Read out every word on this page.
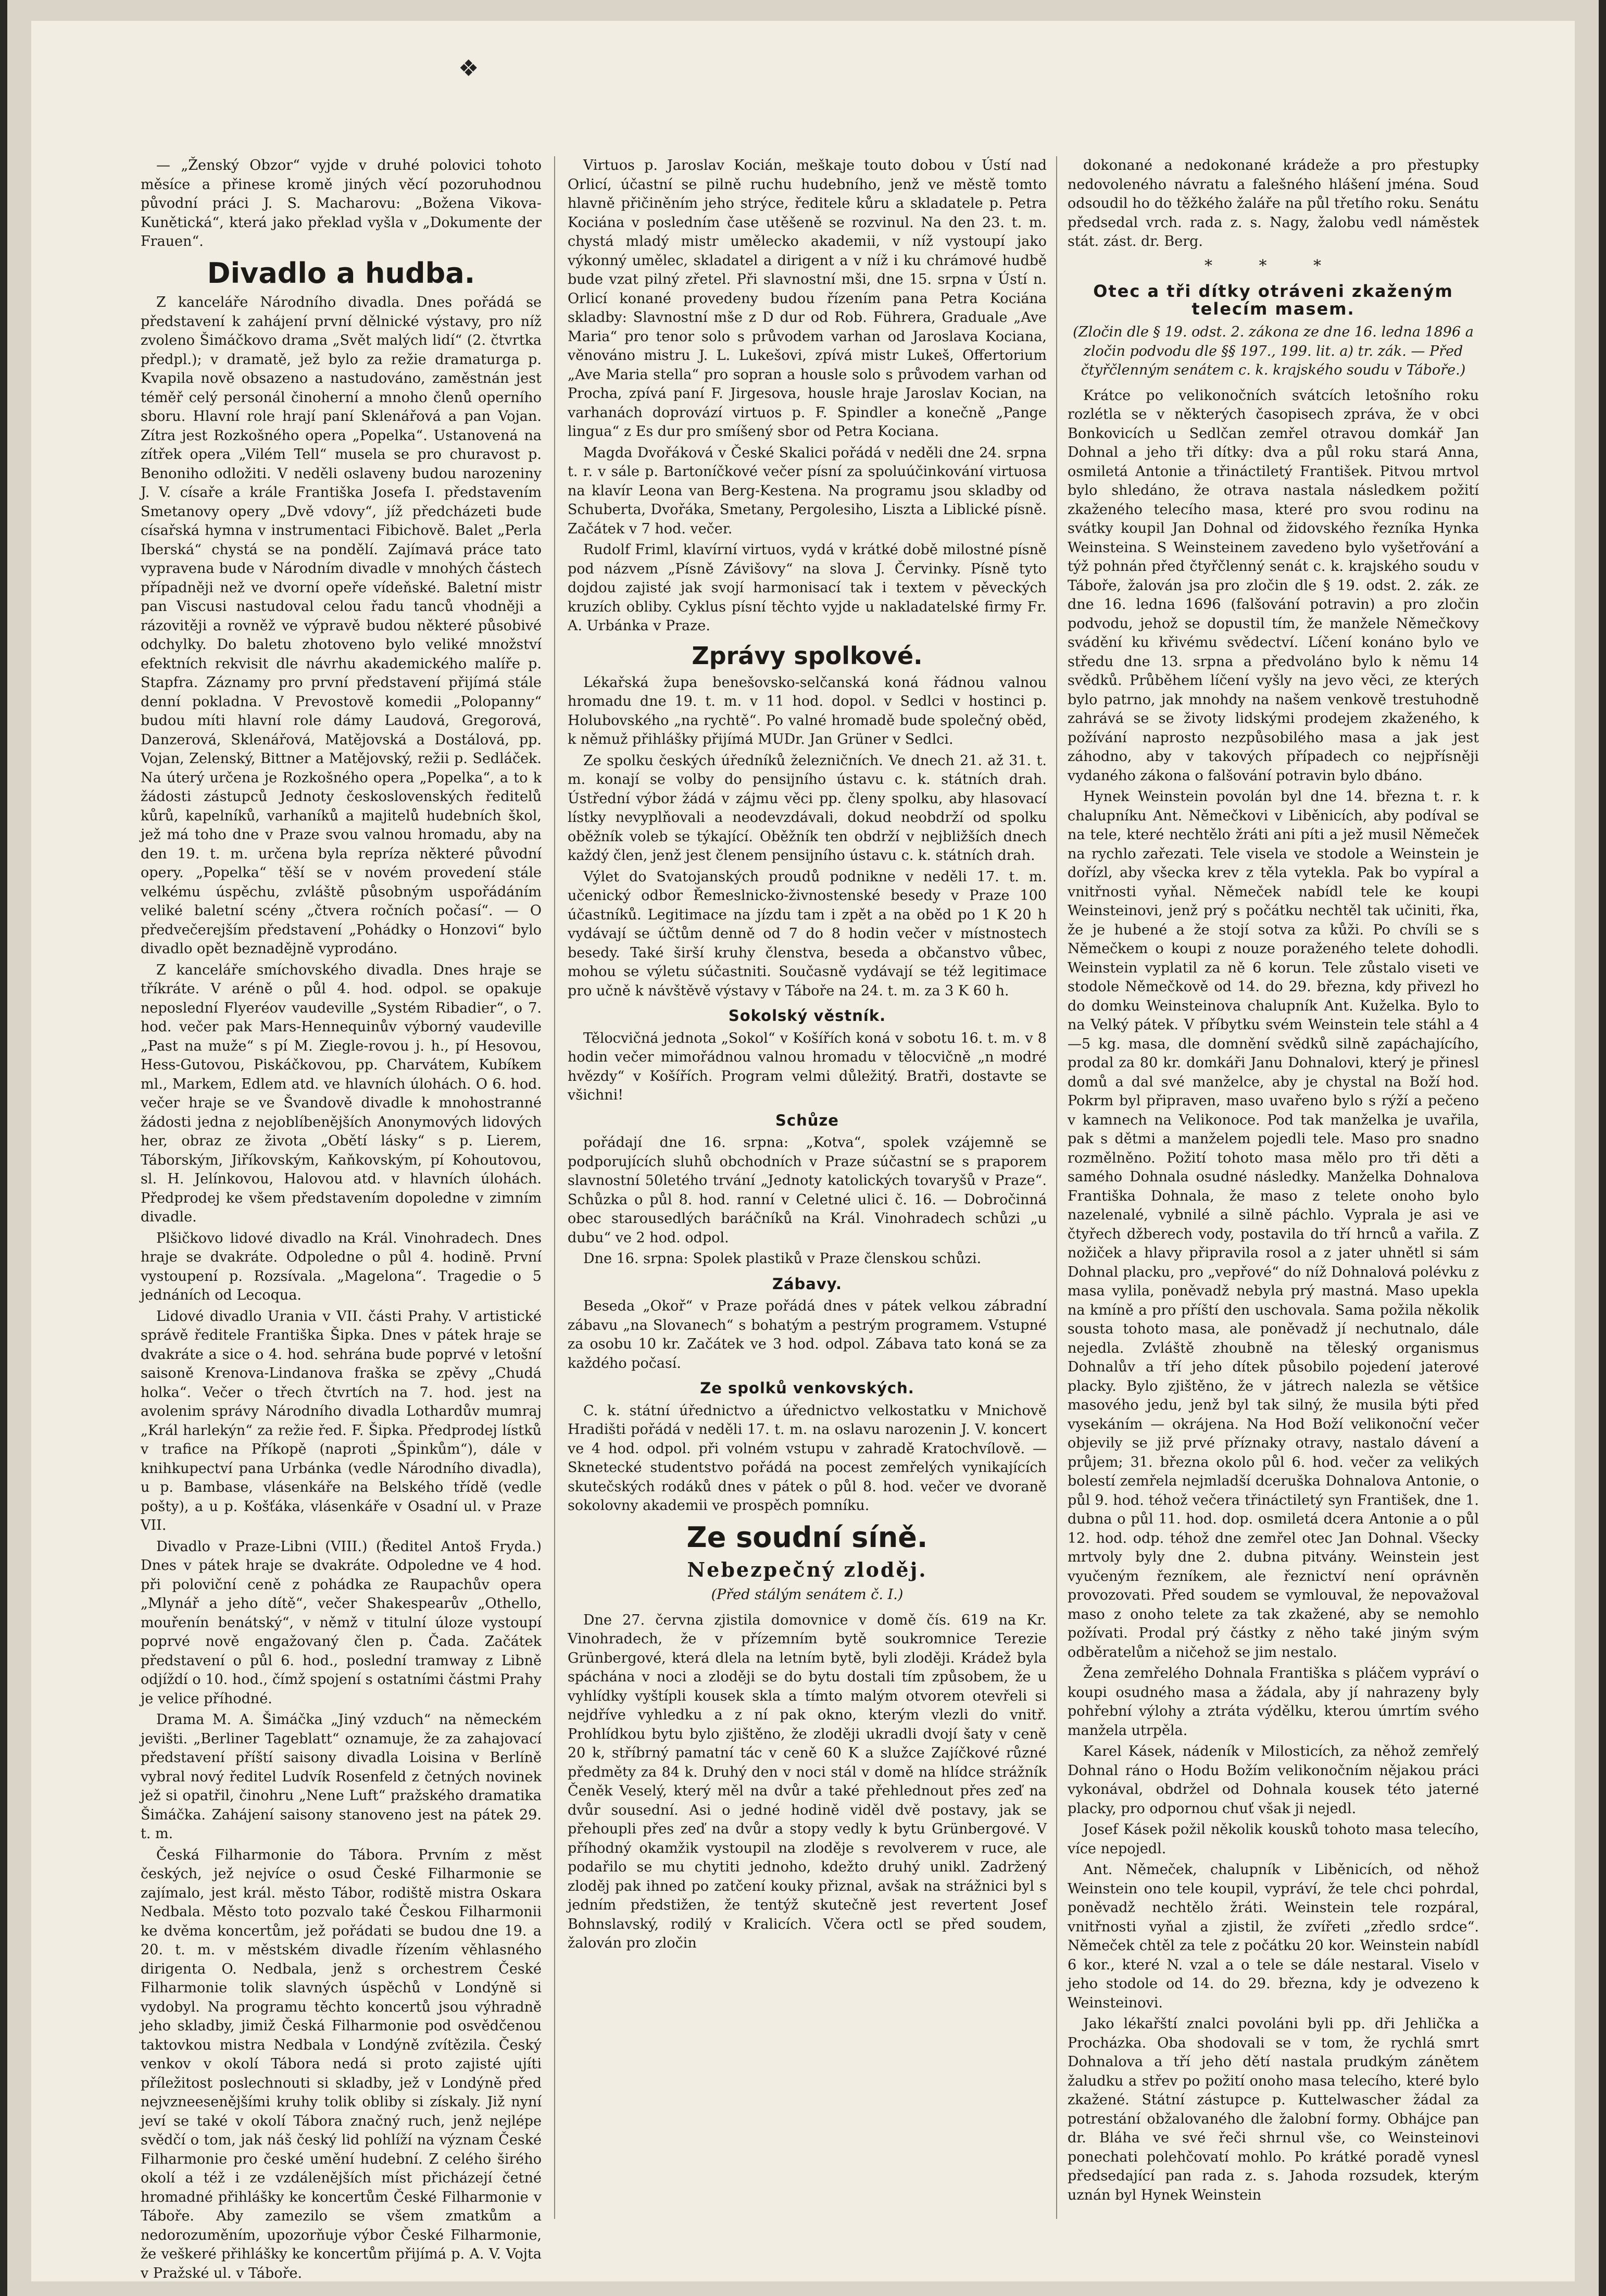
❖

— „Ženský Obzor“ vyjde v druhé polovici tohoto měsíce a přinese kromě jiných věcí pozoruhodnou původní práci J. S. Macharovu: „Božena Vikova-Kunětická“, která jako překlad vyšla v „Dokumente der Frauen“.

Divadlo a hudba.

Z kanceláře Národního divadla. Dnes pořádá se představení k zahájení první dělnické výstavy, pro níž zvoleno Šimáčkovo drama „Svět malých lidí“ (2. čtvrtka předpl.); v dramatě, jež bylo za režie dramaturga p. Kvapila nově obsazeno a nastudováno, zaměstnán jest téměř celý personál činoherní a mnoho členů operního sboru. Hlavní role hrají paní Sklenářová a pan Vojan. Zítra jest Rozkošného opera „Popelka“. Ustanovená na zítřek opera „Vilém Tell“ musela se pro churavost p. Benoniho odložiti. V neděli oslaveny budou narozeniny J. V. císaře a krále Františka Josefa I. představením Smetanovy opery „Dvě vdovy“, jíž předcházeti bude císařská hymna v instrumentaci Fibichově. Balet „Perla Iberská“ chystá se na pondělí. Zajímavá práce tato vypravena bude v Národním divadle v mnohých částech případněji než ve dvorní opeře vídeňské. Baletní mistr pan Viscusi nastudoval celou řadu tanců vhodněji a rázovitěji a rovněž ve výpravě budou některé působivé odchylky. Do baletu zhotoveno bylo veliké množství efektních rekvisit dle návrhu akademického malíře p. Stapfra. Záznamy pro první představení přijímá stále denní pokladna. V Prevostově komedii „Polopanny“ budou míti hlavní role dámy Laudová, Gregorová, Danzerová, Sklenářová, Matějovská a Dostálová, pp. Vojan, Zelenský, Bittner a Matějovský, režii p. Sedláček. Na úterý určena je Rozkošného opera „Popelka“, a to k žádosti zástupců Jednoty československých ředitelů kůrů, kapelníků, varhaníků a majitelů hudebních škol, jež má toho dne v Praze svou valnou hromadu, aby na den 19. t. m. určena byla repríza některé původní opery. „Popelka“ těší se v novém provedení stále velkému úspěchu, zvláště působným uspořádáním veliké baletní scény „čtvera ročních počasí“. — O předvečerejším představení „Pohádky o Honzovi“ bylo divadlo opět beznadějně vyprodáno.

Z kanceláře smíchovského divadla. Dnes hraje se tříkráte. V aréně o půl 4. hod. odpol. se opakuje neposlední Flyeréov vaudeville „Systém Ribadier“, o 7. hod. večer pak Mars-Hennequinův výborný vaudeville „Past na muže“ s pí M. Ziegle-rovou j. h., pí Hesovou, Hess-Gutovou, Piskáčkovou, pp. Charvátem, Kubíkem ml., Markem, Edlem atd. ve hlavních úlohách. O 6. hod. večer hraje se ve Švandově divadle k mnohostranné žádosti jedna z nejoblíbenějších Anonymových lidových her, obraz ze života „Obětí lásky“ s p. Lierem, Táborským, Jiříkovským, Kaňkovským, pí Kohoutovou, sl. H. Jelínkovou, Halovou atd. v hlavních úlohách. Předprodej ke všem představením dopoledne v zimním divadle.

Plšičkovo lidové divadlo na Král. Vinohradech. Dnes hraje se dvakráte. Odpoledne o půl 4. hodině. První vystoupení p. Rozsívala. „Magelona“. Tragedie o 5 jednáních od Lecoqua.

Lidové divadlo Urania v VII. části Prahy. V artistické správě ředitele Františka Šipka. Dnes v pátek hraje se dvakráte a sice o 4. hod. sehrána bude poprvé v letošní saisoně Krenova-Lindanova fraška se zpěvy „Chudá holka“. Večer o třech čtvrtích na 7. hod. jest na avolenim správy Národního divadla Lothardův mumraj „Král harlekýn“ za režie řed. F. Šipka. Předprodej lístků v trafice na Příkopě (naproti „Špinkům“), dále v knihkupectví pana Urbánka (vedle Národního divadla), u p. Bambase, vlásenkáře na Belského třídě (vedle pošty), a u p. Košťáka, vlásenkáře v Osadní ul. v Praze VII.

Divadlo v Praze-Libni (VIII.) (Ředitel Antoš Fryda.) Dnes v pátek hraje se dvakráte. Odpoledne ve 4 hod. při poloviční ceně z pohádka ze Raupachův opera „Mlynář a jeho dítě“, večer Shakespearův „Othello, mouřenín benátský“, v němž v titulní úloze vystoupí poprvé nově engažovaný člen p. Čada. Začátek představení o půl 6. hod., poslední tramway z Libně odjíždí o 10. hod., čímž spojení s ostatními částmi Prahy je velice příhodné.

Drama M. A. Šimáčka „Jiný vzduch“ na německém jevišti. „Berliner Tageblatt“ oznamuje, že za zahajovací představení příští saisony divadla Loisina v Berlíně vybral nový ředitel Ludvík Rosenfeld z četných novinek jež si opatřil, činohru „Nene Luft“ pražského dramatika Šimáčka. Zahájení saisony stanoveno jest na pátek 29. t. m.

Česká Filharmonie do Tábora. Prvním z měst českých, jež nejvíce o osud České Filharmonie se zajímalo, jest král. město Tábor, rodiště mistra Oskara Nedbala. Město toto pozvalo také Českou Filharmonii ke dvěma koncertům, jež pořádati se budou dne 19. a 20. t. m. v městském divadle řízením věhlasného dirigenta O. Nedbala, jenž s orchestrem České Filharmonie tolik slavných úspěchů v Londýně si vydobyl. Na programu těchto koncertů jsou výhradně jeho skladby, jimiž Česká Filharmonie pod osvědčenou taktovkou mistra Nedbala v Londýně zvítězila. Český venkov v okolí Tábora nedá si proto zajisté ujíti příležitost poslechnouti si skladby, jež v Londýně před nejvzneesenějšími kruhy tolik obliby si získaly. Již nyní jeví se také v okolí Tábora značný ruch, jenž nejlépe svědčí o tom, jak náš český lid pohlíží na význam České Filharmonie pro české umění hudební. Z celého širého okolí a též i ze vzdálenějších míst přicházejí četné hromadné přihlášky ke koncertům České Filharmonie v Táboře. Aby zamezilo se všem zmatkům a nedorozuměním, upozorňuje výbor České Filharmonie, že veškeré přihlášky ke koncertům přijímá p. A. V. Vojta v Pražské ul. v Táboře.

Virtuos p. Jaroslav Kocián, meškaje touto dobou v Ústí nad Orlicí, účastní se pilně ruchu hudebního, jenž ve městě tomto hlavně přičiněním jeho strýce, ředitele kůru a skladatele p. Petra Kociána v posledním čase utěšeně se rozvinul. Na den 23. t. m. chystá mladý mistr umělecko akademii, v níž vystoupí jako výkonný umělec, skladatel a dirigent a v níž i ku chrámové hudbě bude vzat pilný zřetel. Při slavnostní mši, dne 15. srpna v Ústí n. Orlicí konané provedeny budou řízením pana Petra Kociána skladby: Slavnostní mše z D dur od Rob. Führera, Graduale „Ave Maria“ pro tenor solo s průvodem varhan od Jaroslava Kociana, věnováno mistru J. L. Lukešovi, zpívá mistr Lukeš, Offertorium „Ave Maria stella“ pro sopran a housle solo s průvodem varhan od Procha, zpívá paní F. Jirgesova, housle hraje Jaroslav Kocian, na varhanách doprovází virtuos p. F. Spindler a konečně „Pange lingua“ z Es dur pro smíšený sbor od Petra Kociana.

Magda Dvořáková v České Skalici pořádá v neděli dne 24. srpna t. r. v sále p. Bartoníčkové večer písní za spoluúčinkování virtuosa na klavír Leona van Berg-Kestena. Na programu jsou skladby od Schuberta, Dvořáka, Smetany, Pergolesiho, Liszta a Liblické písně. Začátek v 7 hod. večer.

Rudolf Friml, klavírní virtuos, vydá v krátké době milostné písně pod názvem „Písně Závišovy“ na slova J. Červinky. Písně tyto dojdou zajisté jak svojí harmonisací tak i textem v pěveckých kruzích obliby. Cyklus písní těchto vyjde u nakladatelské firmy Fr. A. Urbánka v Praze.

Zprávy spolkové.

Lékařská župa benešovsko-selčanská koná řádnou valnou hromadu dne 19. t. m. v 11 hod. dopol. v Sedlci v hostinci p. Holubovského „na rychtě“. Po valné hromadě bude společný oběd, k němuž přihlášky přijímá MUDr. Jan Grüner v Sedlci.

Ze spolku českých úředníků železničních. Ve dnech 21. až 31. t. m. konají se volby do pensijního ústavu c. k. státních drah. Ústřední výbor žádá v zájmu věci pp. členy spolku, aby hlasovací lístky nevyplňovali a neodevzdávali, dokud neobdrží od spolku oběžník voleb se týkající. Oběžník ten obdrží v nejbližších dnech každý člen, jenž jest členem pensijního ústavu c. k. státních drah.

Výlet do Svatojanských proudů podnikne v neděli 17. t. m. učenický odbor Řemeslnicko-živnostenské besedy v Praze 100 účastníků. Legitimace na jízdu tam i zpět a na oběd po 1 K 20 h vydávají se účtům denně od 7 do 8 hodin večer v místnostech besedy. Také širší kruhy členstva, beseda a občanstvo vůbec, mohou se výletu súčastniti. Současně vydávají se též legitimace pro učně k návštěvě výstavy v Táboře na 24. t. m. za 3 K 60 h.

Sokolský věstník.

Tělocvičná jednota „Sokol“ v Košířích koná v sobotu 16. t. m. v 8 hodin večer mimořádnou valnou hromadu v tělocvičně „n modré hvězdy“ v Košířích. Program velmi důležitý. Bratři, dostavte se všichni!

Schůze

pořádají dne 16. srpna: „Kotva“, spolek vzájemně se podporujících sluhů obchodních v Praze súčastní se s praporem slavnostní 50letého trvání „Jednoty katolických tovaryšů v Praze“. Schůzka o půl 8. hod. ranní v Celetné ulici č. 16. — Dobročinná obec starousedlých baráčníků na Král. Vinohradech schůzi „u dubu“ ve 2 hod. odpol.

Dne 16. srpna: Spolek plastiků v Praze členskou schůzi.

Zábavy.

Beseda „Okoř“ v Praze pořádá dnes v pátek velkou zábradní zábavu „na Slovanech“ s bohatým a pestrým programem. Vstupné za osobu 10 kr. Začátek ve 3 hod. odpol. Zábava tato koná se za každého počasí.

Ze spolků venkovských.

C. k. státní úřednictvo a úřednictvo velkostatku v Mnichově Hradišti pořádá v neděli 17. t. m. na oslavu narozenin J. V. koncert ve 4 hod. odpol. při volném vstupu v zahradě Kratochvílově. — Sknetecké studentstvo pořádá na pocest zemřelých vynikajících skutečských rodáků dnes v pátek o půl 8. hod. večer ve dvoraně sokolovny akademii ve prospěch pomníku.

Ze soudní síně.
Nebezpečný zloděj.
(Před stálým senátem č. I.)

Dne 27. června zjistila domovnice v domě čís. 619 na Kr. Vinohradech, že v přízemním bytě soukromnice Terezie Grünbergové, která dlela na letním bytě, byli zloději. Krádež byla spáchána v noci a zloději se do bytu dostali tím způsobem, že u vyhlídky vyštípli kousek skla a tímto malým otvorem otevřeli si nejdříve vyhledku a z ní pak okno, kterým vlezli do vnitř. Prohlídkou bytu bylo zjištěno, že zloději ukradli dvojí šaty v ceně 20 k, stříbrný pamatní tác v ceně 60 K a služce Zajíčkové různé předměty za 84 k. Druhý den v noci stál v domě na hlídce strážník Čeněk Veselý, který měl na dvůr a také přehlednout přes zeď na dvůr sousední. Asi o jedné hodině viděl dvě postavy, jak se přehoupli přes zeď na dvůr a stopy vedly k bytu Grünbergové. V příhodný okamžik vystoupil na zloděje s revolverem v ruce, ale podařilo se mu chytiti jednoho, kdežto druhý unikl. Zadržený zloděj pak ihned po zatčení kouky přiznal, avšak na strážnici byl s jedním předstižen, že tentýž skutečně jest revertent Josef Bohnslavský, rodilý v Kralicích. Včera octl se před soudem, žalován pro zločin

dokonané a nedokonané krádeže a pro přestupky nedovoleného návratu a falešného hlášení jména. Soud odsoudil ho do těžkého žaláře na půl třetího roku. Senátu předsedal vrch. rada z. s. Nagy, žalobu vedl náměstek stát. zást. dr. Berg.

* * *
Otec a tři dítky otráveni zkaženým telecím masem.
(Zločin dle § 19. odst. 2. zákona ze dne 16. ledna 1896 a zločin podvodu dle §§ 197., 199. lit. a) tr. zák. — Před čtyřčlenným senátem c. k. krajského soudu v Táboře.)

Krátce po velikonočních svátcích letošního roku rozlétla se v některých časopisech zpráva, že v obci Bonkovicích u Sedlčan zemřel otravou domkář Jan Dohnal a jeho tři dítky: dva a půl roku stará Anna, osmiletá Antonie a třináctiletý František. Pitvou mrtvol bylo shledáno, že otrava nastala následkem požití zkaženého telecího masa, které pro svou rodinu na svátky koupil Jan Dohnal od židovského řezníka Hynka Weinsteina. S Weinsteinem zavedeno bylo vyšetřování a týž pohnán před čtyřčlenný senát c. k. krajského soudu v Táboře, žalován jsa pro zločin dle § 19. odst. 2. zák. ze dne 16. ledna 1696 (falšování potravin) a pro zločin podvodu, jehož se dopustil tím, že manžele Němečkovy svádění ku křivému svědectví. Líčení konáno bylo ve středu dne 13. srpna a předvoláno bylo k němu 14 svědků. Průběhem líčení vyšly na jevo věci, ze kterých bylo patrno, jak mnohdy na našem venkově trestuhodně zahrává se se životy lidskými prodejem zkaženého, k požívání naprosto nezpůsobilého masa a jak jest záhodno, aby v takových případech co nejpřísněji vydaného zákona o falšování potravin bylo dbáno.

Hynek Weinstein povolán byl dne 14. března t. r. k chalupníku Ant. Němečkovi v Liběnicích, aby podíval se na tele, které nechtělo žráti ani píti a jež musil Němeček na rychlo zařezati. Tele visela ve stodole a Weinstein je dořízl, aby všecka krev z těla vytekla. Pak bo vypíral a vnitřnosti vyňal. Němeček nabídl tele ke koupi Weinsteinovi, jenž prý s počátku nechtěl tak učiniti, řka, že je hubené a že stojí sotva za kůži. Po chvíli se s Němečkem o koupi z nouze poraženého telete dohodli. Weinstein vyplatil za ně 6 korun. Tele zůstalo viseti ve stodole Němečkově od 14. do 29. března, kdy přivezl ho do domku Weinsteinova chalupník Ant. Kuželka. Bylo to na Velký pátek. V příbytku svém Weinstein tele stáhl a 4—5 kg. masa, dle domnění svědků silně zapáchajícího, prodal za 80 kr. domkáři Janu Dohnalovi, který je přinesl domů a dal své manželce, aby je chystal na Boží hod. Pokrm byl připraven, maso uvařeno bylo s rýží a pečeno v kamnech na Velikonoce. Pod tak manželka je uvařila, pak s dětmi a manželem pojedli tele. Maso pro snadno rozmělněno. Požití tohoto masa mělo pro tři děti a samého Dohnala osudné následky. Manželka Dohnalova Františka Dohnala, že maso z telete onoho bylo nazelenalé, vybnilé a silně páchlo. Vyprala je asi ve čtyřech džberech vody, postavila do tří hrnců a vařila. Z nožiček a hlavy připravila rosol a z jater uhnětl si sám Dohnal placku, pro „vepřové“ do níž Dohnalová polévku z masa vylila, poněvadž nebyla prý mastná. Maso upekla na kmíně a pro příští den uschovala. Sama požila několik sousta tohoto masa, ale poněvadž jí nechutnalo, dále nejedla. Zvláště zhoubně na těleský organismus Dohnalův a tří jeho dítek působilo pojedení jaterové placky. Bylo zjištěno, že v játrech nalezla se většice masového jedu, jenž byl tak silný, že musila býti před vysekáním — okrájena. Na Hod Boží velikonoční večer objevily se již prvé příznaky otravy, nastalo dávení a průjem; 31. března okolo půl 6. hod. večer za velikých bolestí zemřela nejmladší dceruška Dohnalova Antonie, o půl 9. hod. téhož večera třináctiletý syn František, dne 1. dubna o půl 11. hod. dop. osmiletá dcera Antonie a o půl 12. hod. odp. téhož dne zemřel otec Jan Dohnal. Všecky mrtvoly byly dne 2. dubna pitvány. Weinstein jest vyučeným řezníkem, ale řeznictví není oprávněn provozovati. Před soudem se vymlouval, že nepovažoval maso z onoho telete za tak zkažené, aby se nemohlo požívati. Prodal prý částky z něho také jiným svým odběratelům a ničehož se jim nestalo.

Žena zemřelého Dohnala Františka s pláčem vypráví o koupi osudného masa a žádala, aby jí nahrazeny byly pohřební výlohy a ztráta výdělku, kterou úmrtím svého manžela utrpěla.

Karel Kásek, nádeník v Milosticích, za něhož zemřelý Dohnal ráno o Hodu Božím velikonočním nějakou práci vykonával, obdržel od Dohnala kousek této jaterné placky, pro odpornou chuť však ji nejedl.

Josef Kásek požil několik kousků tohoto masa telecího, více nepojedl.

Ant. Němeček, chalupník v Liběnicích, od něhož Weinstein ono tele koupil, vypráví, že tele chci pohrdal, poněvadž nechtělo žráti. Weinstein tele rozpáral, vnitřnosti vyňal a zjistil, že zvířeti „zředlo srdce“. Němeček chtěl za tele z počátku 20 kor. Weinstein nabídl 6 kor., které N. vzal a o tele se dále nestaral. Viselo v jeho stodole od 14. do 29. března, kdy je odvezeno k Weinsteinovi.

Jako lékařští znalci povoláni byli pp. dři Jehlička a Procházka. Oba shodovali se v tom, že rychlá smrt Dohnalova a tří jeho dětí nastala prudkým zánětem žaludku a střev po požití onoho masa telecího, které bylo zkažené. Státní zástupce p. Kuttelwascher žádal za potrestání obžalovaného dle žalobní formy. Obhájce pan dr. Bláha ve své řeči shrnul vše, co Weinsteinovi ponechati polehčovatí mohlo. Po krátké poradě vynesl předsedající pan rada z. s. Jahoda rozsudek, kterým uznán byl Hynek Weinstein
